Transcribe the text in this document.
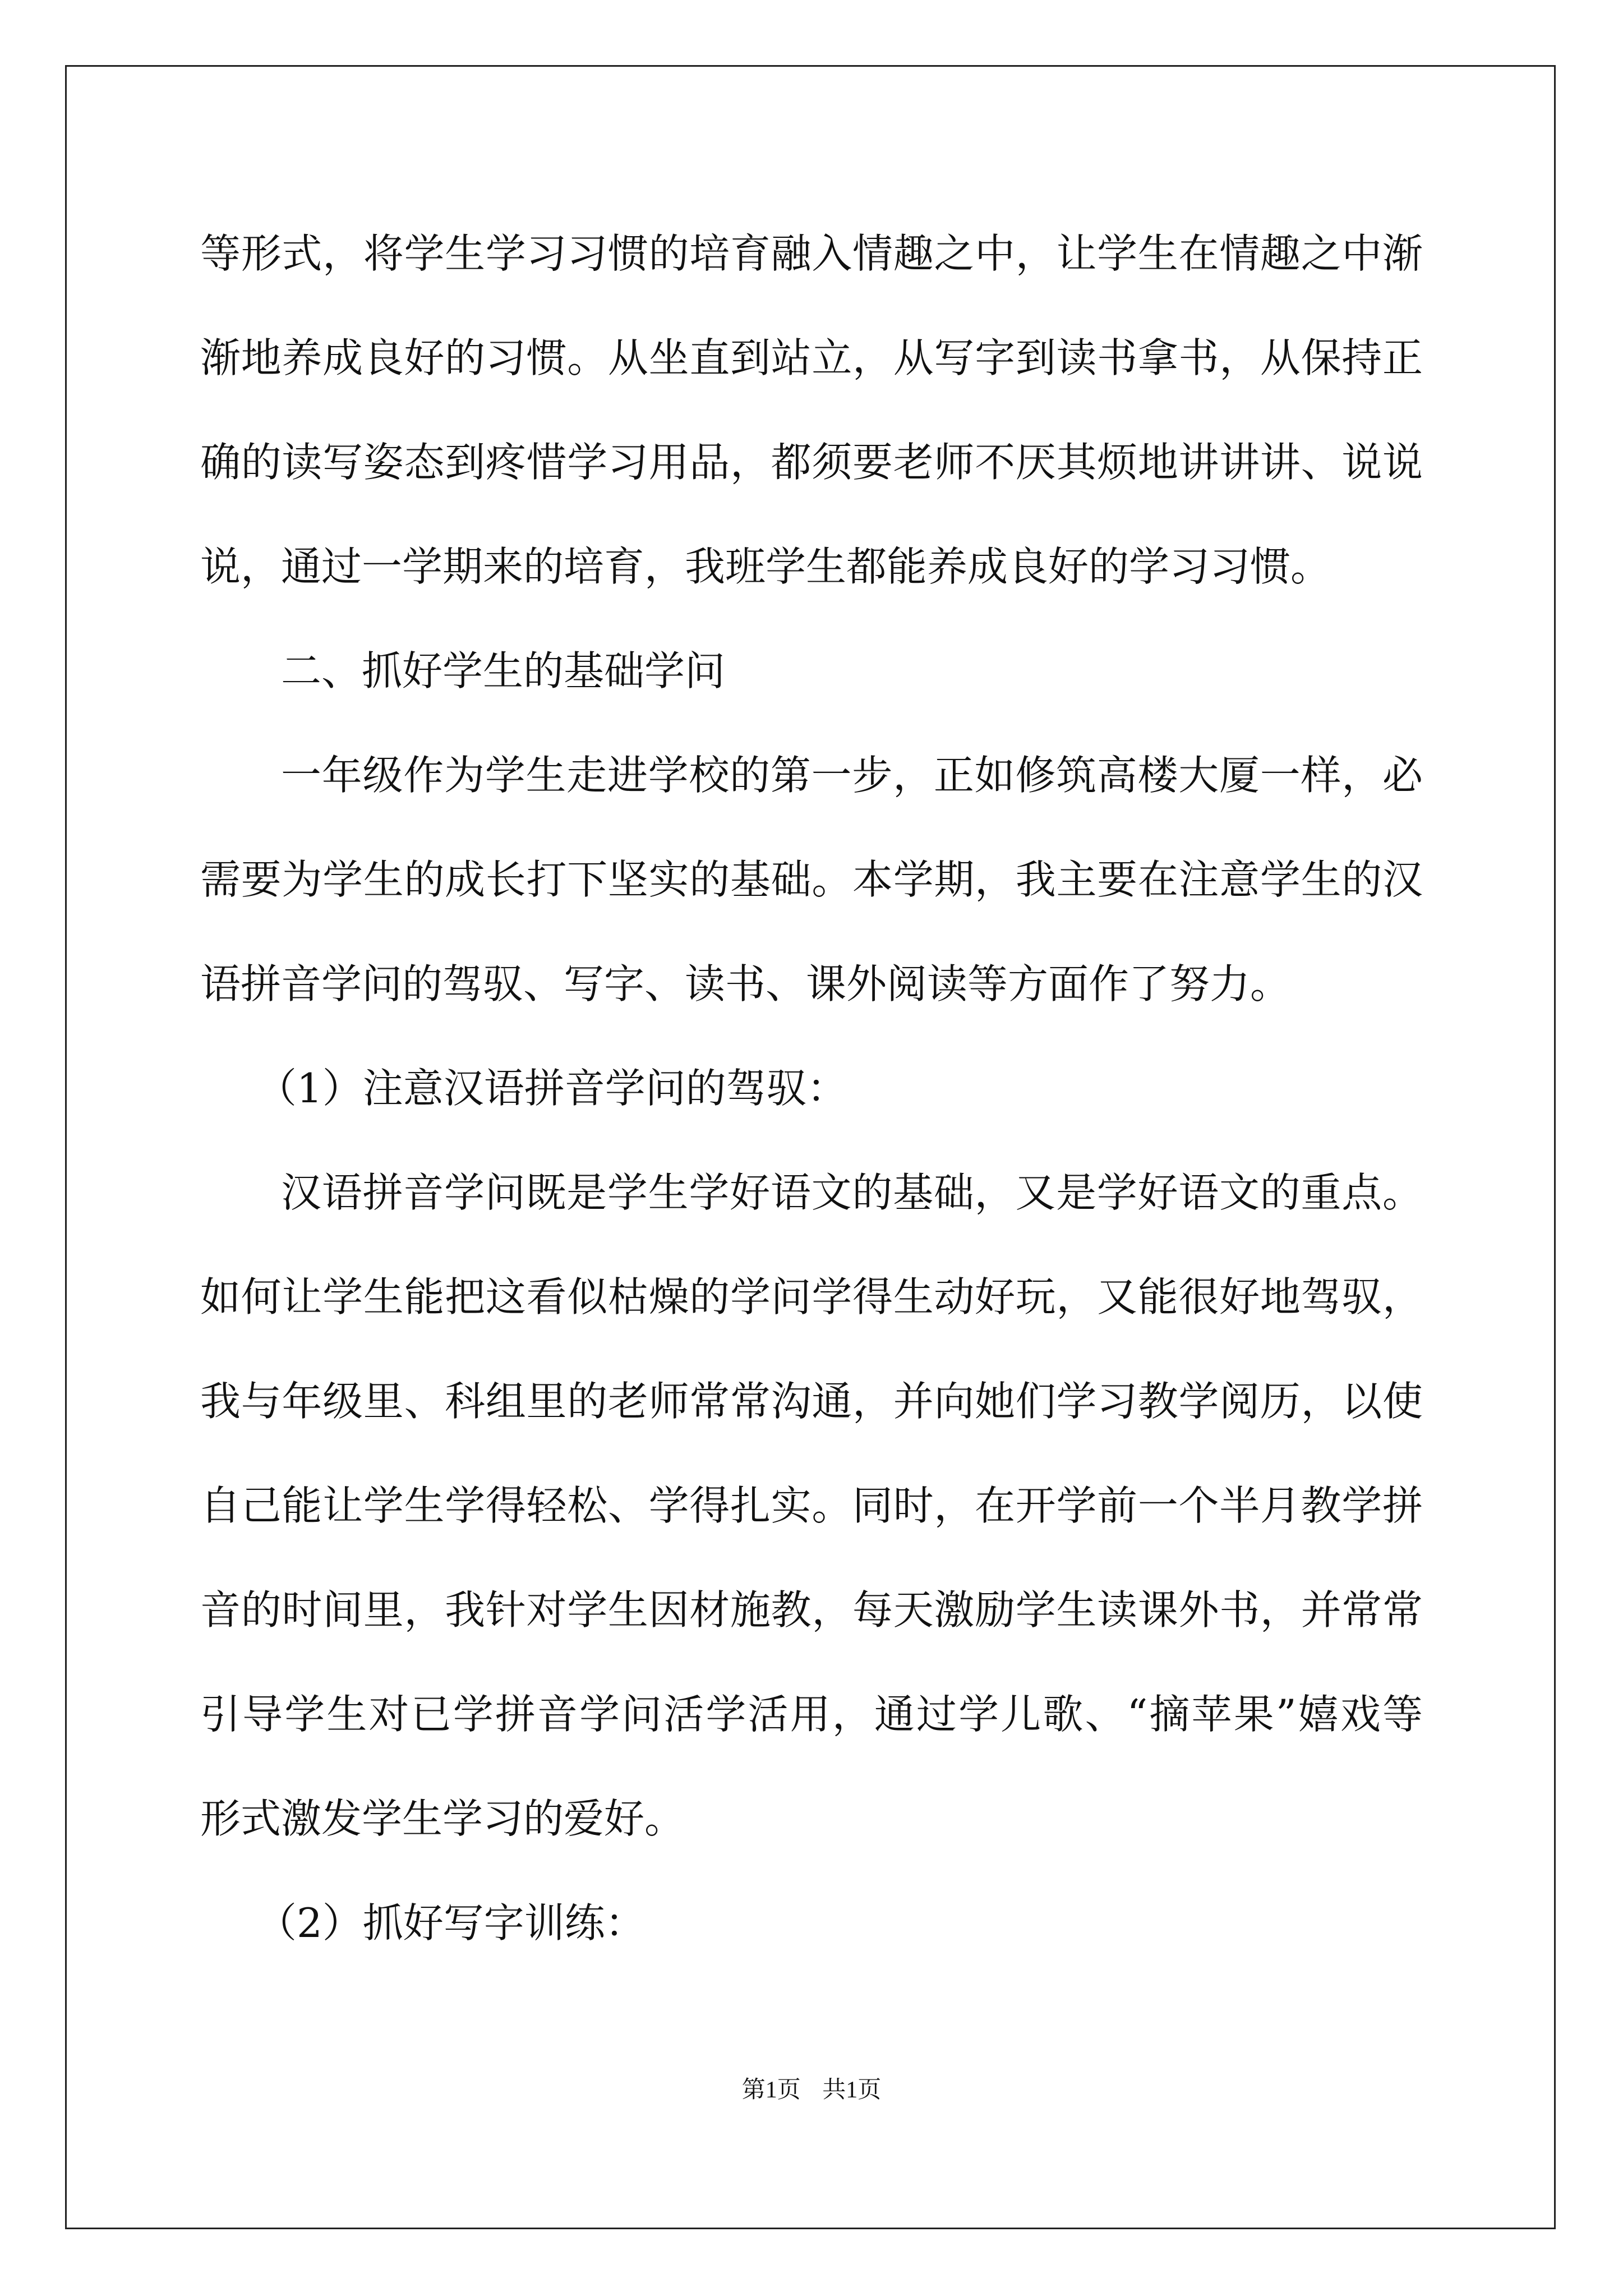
等形式，将学生学习习惯的培育融入情趣之中，让学生在情趣之中渐
渐地养成良好的习惯。从坐直到站立，从写字到读书拿书，从保持正
确的读写姿态到疼惜学习用品，都须要老师不厌其烦地讲讲讲、说说
说，通过一学期来的培育，我班学生都能养成良好的学习习惯。
二、抓好学生的基础学问
一年级作为学生走进学校的第一步，正如修筑高楼大厦一样，必
需要为学生的成长打下坚实的基础。本学期，我主要在注意学生的汉
语拼音学问的驾驭、写字、读书、课外阅读等方面作了努力。
（1）注意汉语拼音学问的驾驭：
汉语拼音学问既是学生学好语文的基础，又是学好语文的重点。
如何让学生能把这看似枯燥的学问学得生动好玩，又能很好地驾驭，
我与年级里、科组里的老师常常沟通，并向她们学习教学阅历，以使
自己能让学生学得轻松、学得扎实。同时，在开学前一个半月教学拼
音的时间里，我针对学生因材施教，每天激励学生读课外书，并常常
引导学生对已学拼音学问活学活用，通过学儿歌、“摘苹果”嬉戏等
形式激发学生学习的爱好。
（2）抓好写字训练：
第1页 共1页
